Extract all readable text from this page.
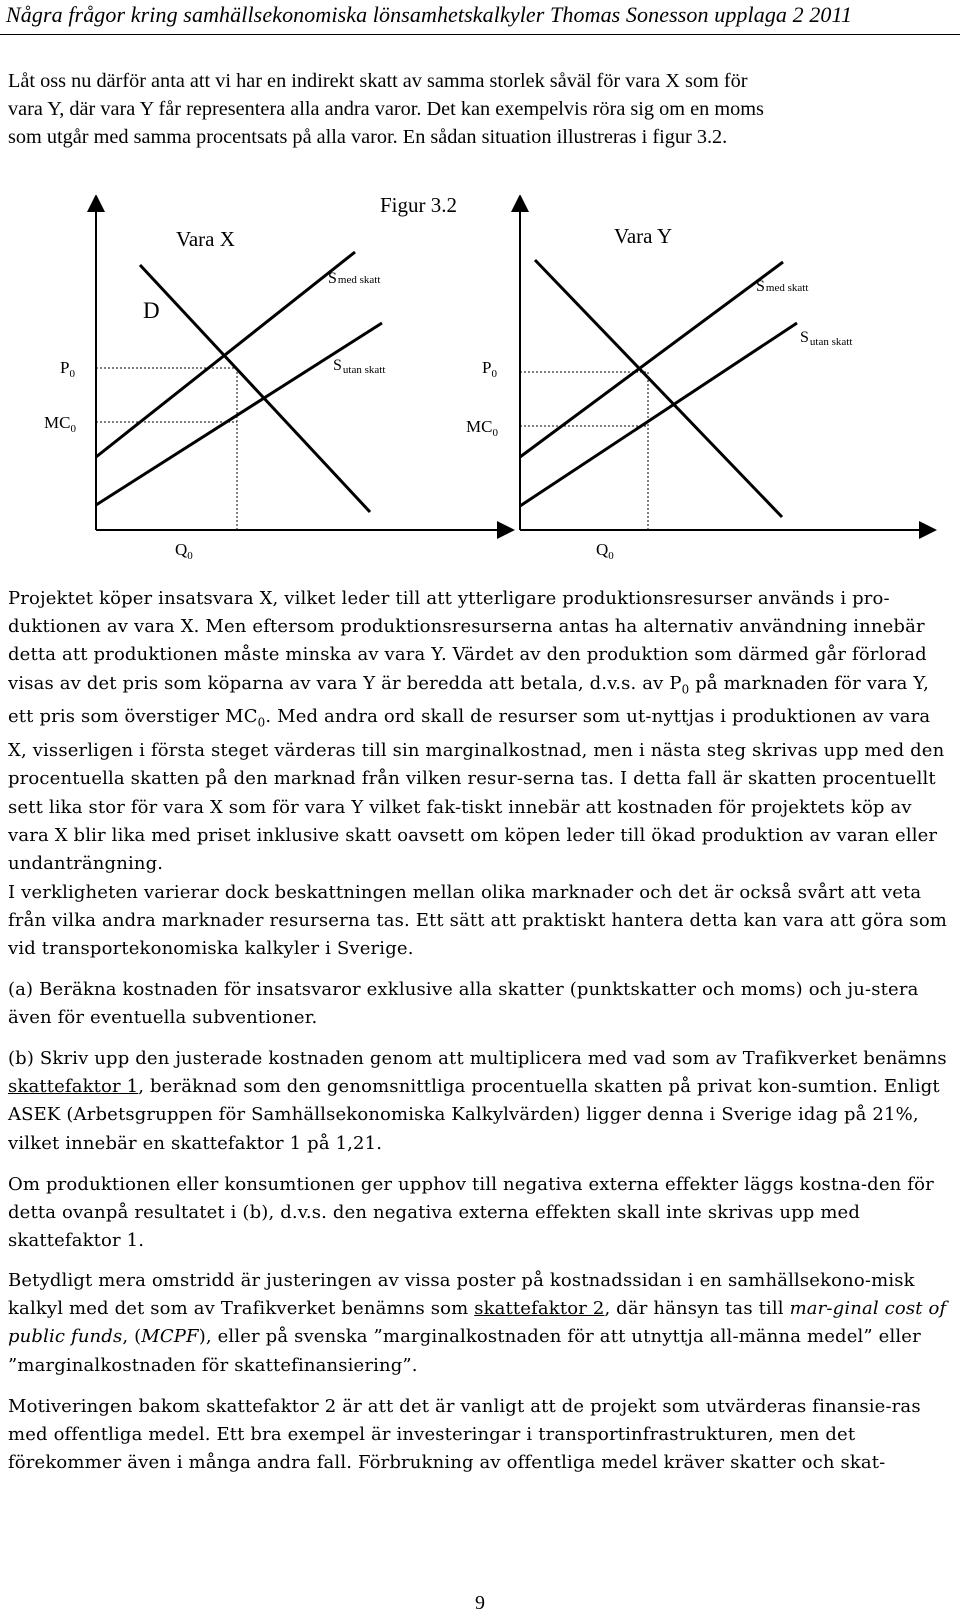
Några frågor kring samhällsekonomiska lönsamhetskalkyler Thomas Sonesson upplaga 2 2011

Låt oss nu därför anta att vi har en indirekt skatt av samma storlek såväl för vara X som för
vara Y, där vara Y får representera alla andra varor. Det kan exempelvis röra sig om en moms
som utgår med samma procentsats på alla varor. En sådan situation illustreras i figur 3.2.

Figur 3.2
Vara X
D
Smed skatt
Sutan skatt
$P_0$
$MC_0$
$Q_0$
Vara Y
Smed skatt
Sutan skatt
$P_0$
$MC_0$
$Q_0$

Projektet köper insatsvara X, vilket leder till att ytterligare produktionsresurser används i pro-duktionen av vara X. Men eftersom produktionsresurserna antas ha alternativ användning innebär detta att produktionen måste minska av vara Y. Värdet av den produktion som därmed går förlorad visas av det pris som köparna av vara Y är beredda att betala, d.v.s. av $P_0$ på marknaden för vara Y, ett pris som överstiger $MC_0$. Med andra ord skall de resurser som ut-nyttjas i produktionen av vara X, visserligen i första steget värderas till sin marginalkostnad, men i nästa steg skrivas upp med den procentuella skatten på den marknad från vilken resur-serna tas. I detta fall är skatten procentuellt sett lika stor för vara X som för vara Y vilket fak-tiskt innebär att kostnaden för projektets köp av vara X blir lika med priset inklusive skatt oavsett om köpen leder till ökad produktion av varan eller undanträngning.

I verkligheten varierar dock beskattningen mellan olika marknader och det är också svårt att veta från vilka andra marknader resurserna tas. Ett sätt att praktiskt hantera detta kan vara att göra som vid transportekonomiska kalkyler i Sverige.

(a) Beräkna kostnaden för insatsvaror exklusive alla skatter (punktskatter och moms) och ju-stera även för eventuella subventioner.

(b) Skriv upp den justerade kostnaden genom att multiplicera med vad som av Trafikverket benämns skattefaktor 1, beräknad som den genomsnittliga procentuella skatten på privat kon-sumtion. Enligt ASEK (Arbetsgruppen för Samhällsekonomiska Kalkylvärden) ligger denna i Sverige idag på 21%, vilket innebär en skattefaktor 1 på 1,21.

Om produktionen eller konsumtionen ger upphov till negativa externa effekter läggs kostna-den för detta ovanpå resultatet i (b), d.v.s. den negativa externa effekten skall inte skrivas upp med skattefaktor 1.

Betydligt mera omstridd är justeringen av vissa poster på kostnadssidan i en samhällsekono-misk kalkyl med det som av Trafikverket benämns som skattefaktor 2, där hänsyn tas till mar-ginal cost of public funds, (MCPF), eller på svenska ”marginalkostnaden för att utnyttja all-männa medel” eller ”marginalkostnaden för skattefinansiering”.

Motiveringen bakom skattefaktor 2 är att det är vanligt att de projekt som utvärderas finansie-ras med offentliga medel. Ett bra exempel är investeringar i transportinfrastrukturen, men det förekommer även i många andra fall. Förbrukning av offentliga medel kräver skatter och skat-

9
